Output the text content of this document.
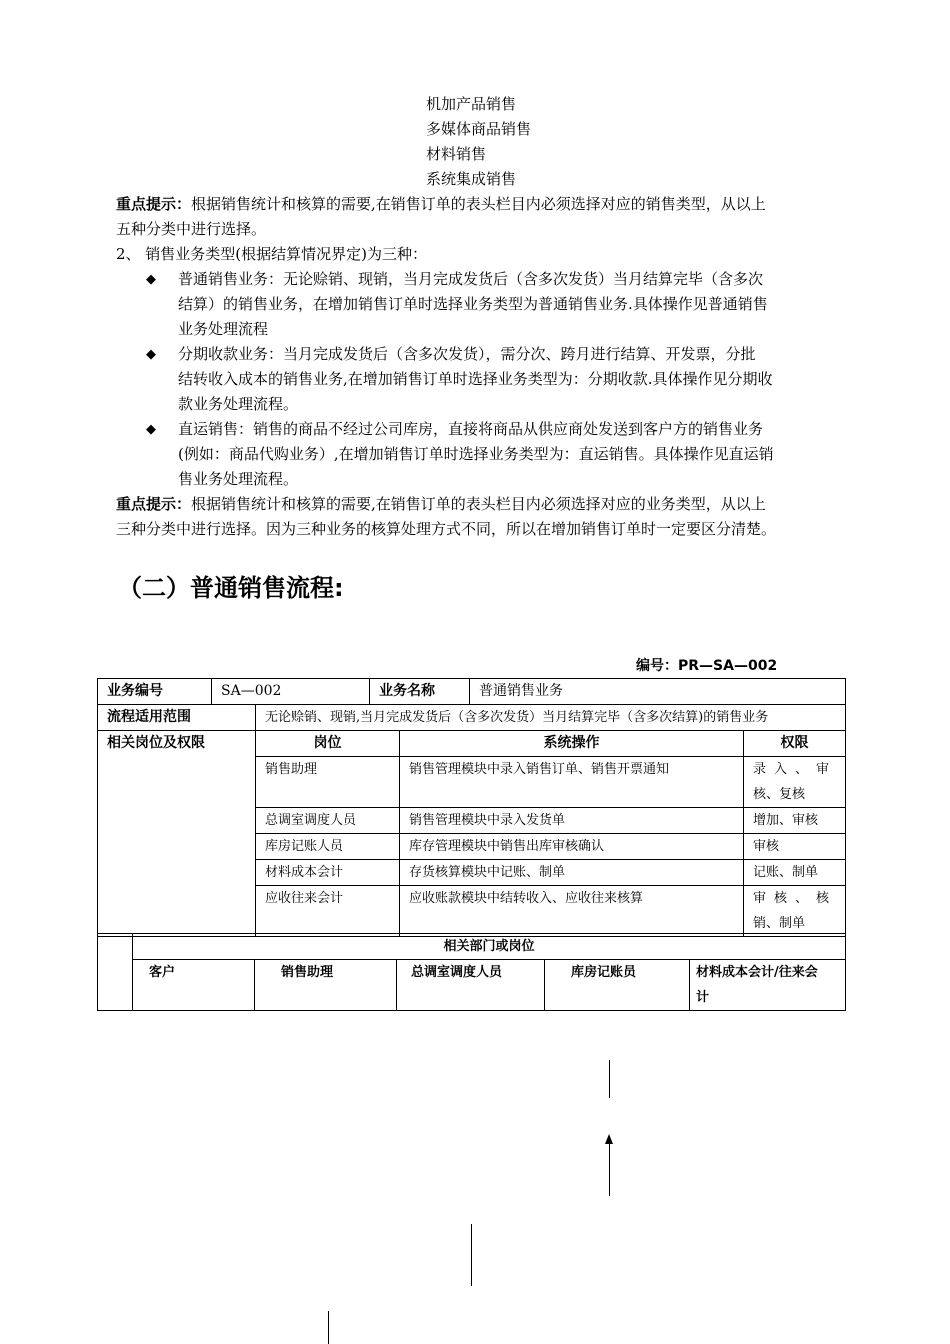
机加产品销售
多媒体商品销售
材料销售
系统集成销售
重点提示：根据销售统计和核算的需要,在销售订单的表头栏目内必须选择对应的销售类型，从以上
五种分类中进行选择。
2、 销售业务类型(根据结算情况界定)为三种：
◆ 普通销售业务：无论赊销、现销，当月完成发货后（含多次发货）当月结算完毕（含多次
结算）的销售业务，在增加销售订单时选择业务类型为普通销售业务.具体操作见普通销售
业务处理流程
◆ 分期收款业务：当月完成发货后（含多次发货），需分次、跨月进行结算、开发票，分批
结转收入成本的销售业务,在增加销售订单时选择业务类型为：分期收款.具体操作见分期收
款业务处理流程。
◆ 直运销售：销售的商品不经过公司库房，直接将商品从供应商处发送到客户方的销售业务
(例如：商品代购业务）,在增加销售订单时选择业务类型为：直运销售。具体操作见直运销
售业务处理流程。
重点提示：根据销售统计和核算的需要,在销售订单的表头栏目内必须选择对应的业务类型，从以上
三种分类中进行选择。因为三种业务的核算处理方式不同，所以在增加销售订单时一定要区分清楚。
（二）普通销售流程:
编号：PR—SA—002
业务编号	SA—002		业务名称		普通销售业务	
流程适用范围		无论赊销、现销,当月完成发货后（含多次发货）当月结算完毕（含多次结算)的销售业务				
相关岗位及权限		岗位		系统操作		权限
		销售助理		销售管理模块中录入销售订单、销售开票通知		录 入 、 审
核、复核

		总调室调度人员		销售管理模块中录入发货单		增加、审核
		库房记账人员		库存管理模块中销售出库审核确认		审核
		材料成本会计		存货核算模块中记账、制单		记账、制单
		应收往来会计		应收账款模块中结转收入、应收往来核算		审 核 、 核
销、制单
	相关部门或岗位				
	客户	销售助理	总调室调度人员	库房记账员	材料成本会计/往来会
计
